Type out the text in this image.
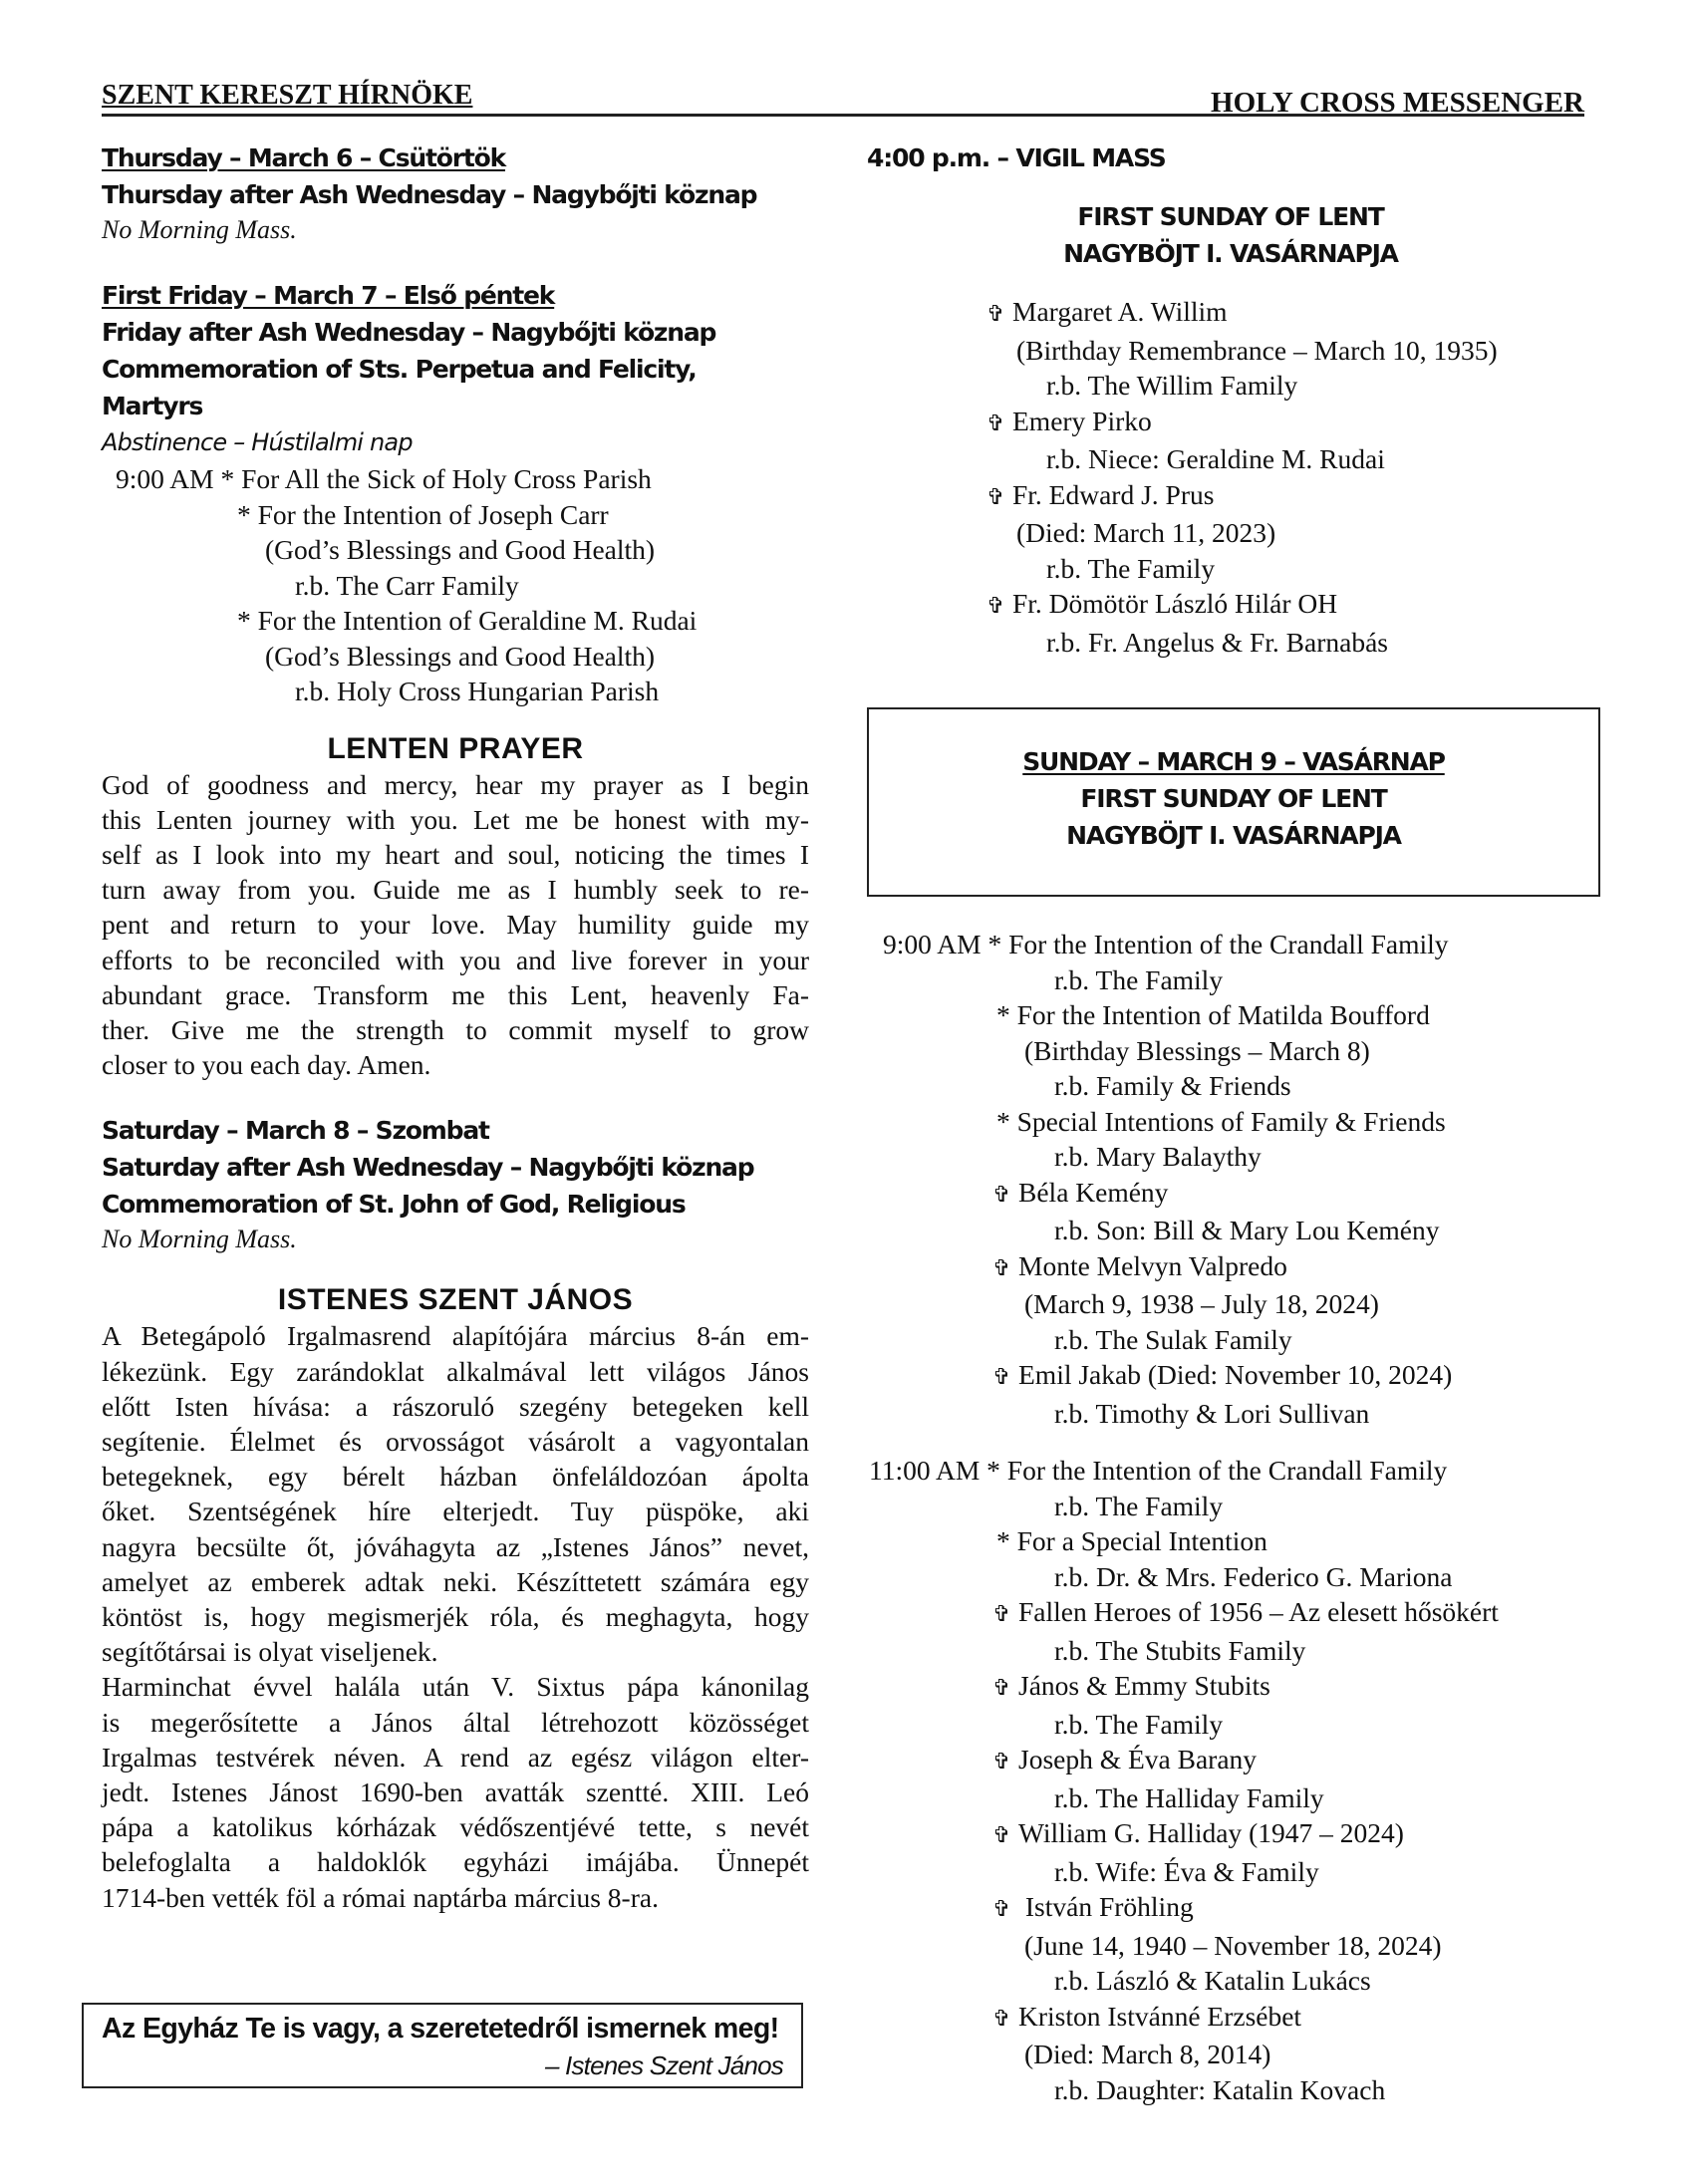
SZENT KERESZT HÍRNÖKE	HOLY CROSS MESSENGER
Thursday – March 6 – Csütörtök
Thursday after Ash Wednesday – Nagybőjti köznap
No Morning Mass.
First Friday – March 7 – Első péntek
Friday after Ash Wednesday – Nagybőjti köznap
Commemoration of Sts. Perpetua and Felicity,
Martyrs
Abstinence – Hústilalmi nap
9:00 AM * For All the Sick of Holy Cross Parish
* For the Intention of Joseph Carr
(God’s Blessings and Good Health)
r.b. The Carr Family
* For the Intention of Geraldine M. Rudai
(God’s Blessings and Good Health)
r.b. Holy Cross Hungarian Parish
LENTEN PRAYER
God of goodness and mercy, hear my prayer as I begin
this Lenten journey with you. Let me be honest with my-
self as I look into my heart and soul, noticing the times I
turn away from you. Guide me as I humbly seek to re-
pent and return to your love. May humility guide my
efforts to be reconciled with you and live forever in your
abundant grace. Transform me this Lent, heavenly Fa-
ther. Give me the strength to commit myself to grow
closer to you each day. Amen.
Saturday – March 8 – Szombat
Saturday after Ash Wednesday – Nagybőjti köznap
Commemoration of St. John of God, Religious
No Morning Mass.
ISTENES SZENT JÁNOS
A Betegápoló Irgalmasrend alapítójára március 8-án em-
lékezünk. Egy zarándoklat alkalmával lett világos János
előtt Isten hívása: a rászoruló szegény betegeken kell
segítenie. Élelmet és orvosságot vásárolt a vagyontalan
betegeknek, egy bérelt házban önfeláldozóan ápolta
őket. Szentségének híre elterjedt. Tuy püspöke, aki
nagyra becsülte őt, jóváhagyta az „Istenes János” nevet,
amelyet az emberek adtak neki. Készíttetett számára egy
köntöst is, hogy megismerjék róla, és meghagyta, hogy
segítőtársai is olyat viseljenek.
Harminchat évvel halála után V. Sixtus pápa kánonilag
is megerősítette a János által létrehozott közösséget
Irgalmas testvérek néven. A rend az egész világon elter-
jedt. Istenes Jánost 1690-ben avatták szentté. XIII. Leó
pápa a katolikus kórházak védőszentjévé tette, s nevét
belefoglalta a haldoklók egyházi imájába. Ünnepét
1714-ben vették föl a római naptárba március 8-ra.
Az Egyház Te is vagy, a szeretetedről ismernek meg!
– Istenes Szent János
4:00 p.m. – VIGIL MASS
FIRST SUNDAY OF LENT
NAGYBÖJT I. VASÁRNAPJA
✞ Margaret A. Willim
(Birthday Remembrance – March 10, 1935)
r.b. The Willim Family
✞ Emery Pirko
r.b. Niece: Geraldine M. Rudai
✞ Fr. Edward J. Prus
(Died: March 11, 2023)
r.b. The Family
✞ Fr. Dömötör László Hilár OH
r.b. Fr. Angelus & Fr. Barnabás
SUNDAY – MARCH 9 – VASÁRNAP
FIRST SUNDAY OF LENT
NAGYBÖJT I. VASÁRNAPJA
9:00 AM * For the Intention of the Crandall Family
r.b. The Family
* For the Intention of Matilda Boufford
(Birthday Blessings – March 8)
r.b. Family & Friends
* Special Intentions of Family & Friends
r.b. Mary Balaythy
✞ Béla Kemény
r.b. Son: Bill & Mary Lou Kemény
✞ Monte Melvyn Valpredo
(March 9, 1938 – July 18, 2024)
r.b. The Sulak Family
✞ Emil Jakab (Died: November 10, 2024)
r.b. Timothy & Lori Sullivan
11:00 AM * For the Intention of the Crandall Family
r.b. The Family
* For a Special Intention
r.b. Dr. & Mrs. Federico G. Mariona
✞ Fallen Heroes of 1956 – Az elesett hősökért
r.b. The Stubits Family
✞ János & Emmy Stubits
r.b. The Family
✞ Joseph & Éva Barany
r.b. The Halliday Family
✞ William G. Halliday (1947 – 2024)
r.b. Wife: Éva & Family
✞ István Fröhling
(June 14, 1940 – November 18, 2024)
r.b. László & Katalin Lukács
✞ Kriston Istvánné Erzsébet
(Died: March 8, 2014)
r.b. Daughter: Katalin Kovach
